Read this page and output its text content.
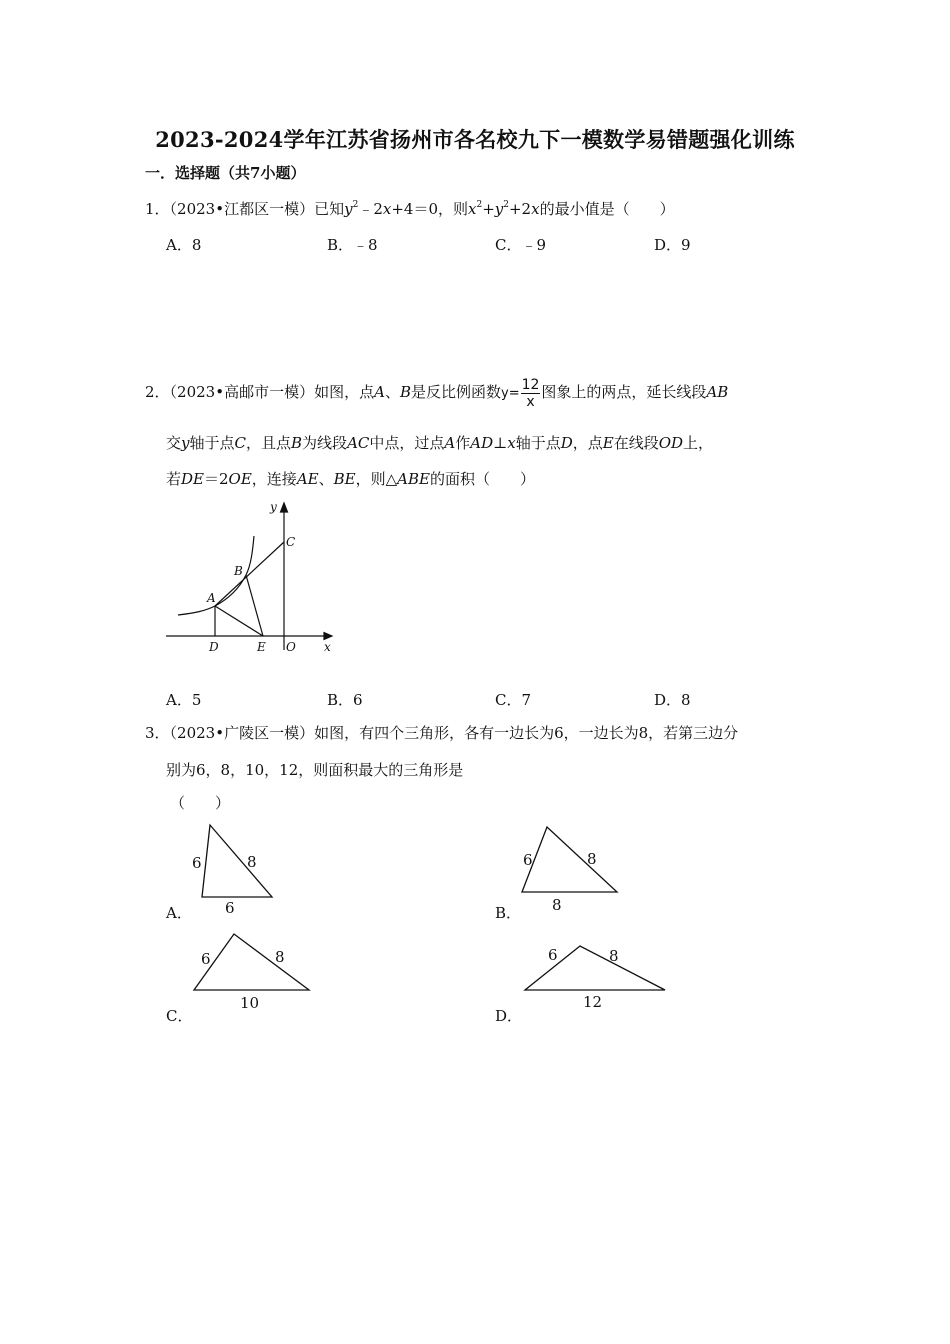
2023-2024学年江苏省扬州市各名校九下一模数学易错题强化训练
一．选择题（共7小题）
1．（2023•江都区一模）已知$y^2﹣2x+4=0$，则$x^2+y^2+2x$的最小值是（　　）
A．8	B．﹣8	C．﹣9	D．9
2．（2023•高邮市一模）如图，点A、B是反比例函数$y= \frac{12}{x}$ 图象上的两点，延长线段AB
交y轴于点C，且点B为线段AC中点，过点A作AD⊥x轴于点D，点E在线段OD上，
若DE＝2OE，连接AE、BE，则△ABE的面积（　　）
y
x
C
B
A
D	E O
A．5	B．6	C．7	D．8
3．（2023•广陵区一模）如图，有四个三角形，各有一边长为6，一边长为8，若第三边分
别为6，8，10，12，则面积最大的三角形是
（　　）
A．
6	8
6	B．
6	8
8
C．
6	8
10
D．
6	8
12
